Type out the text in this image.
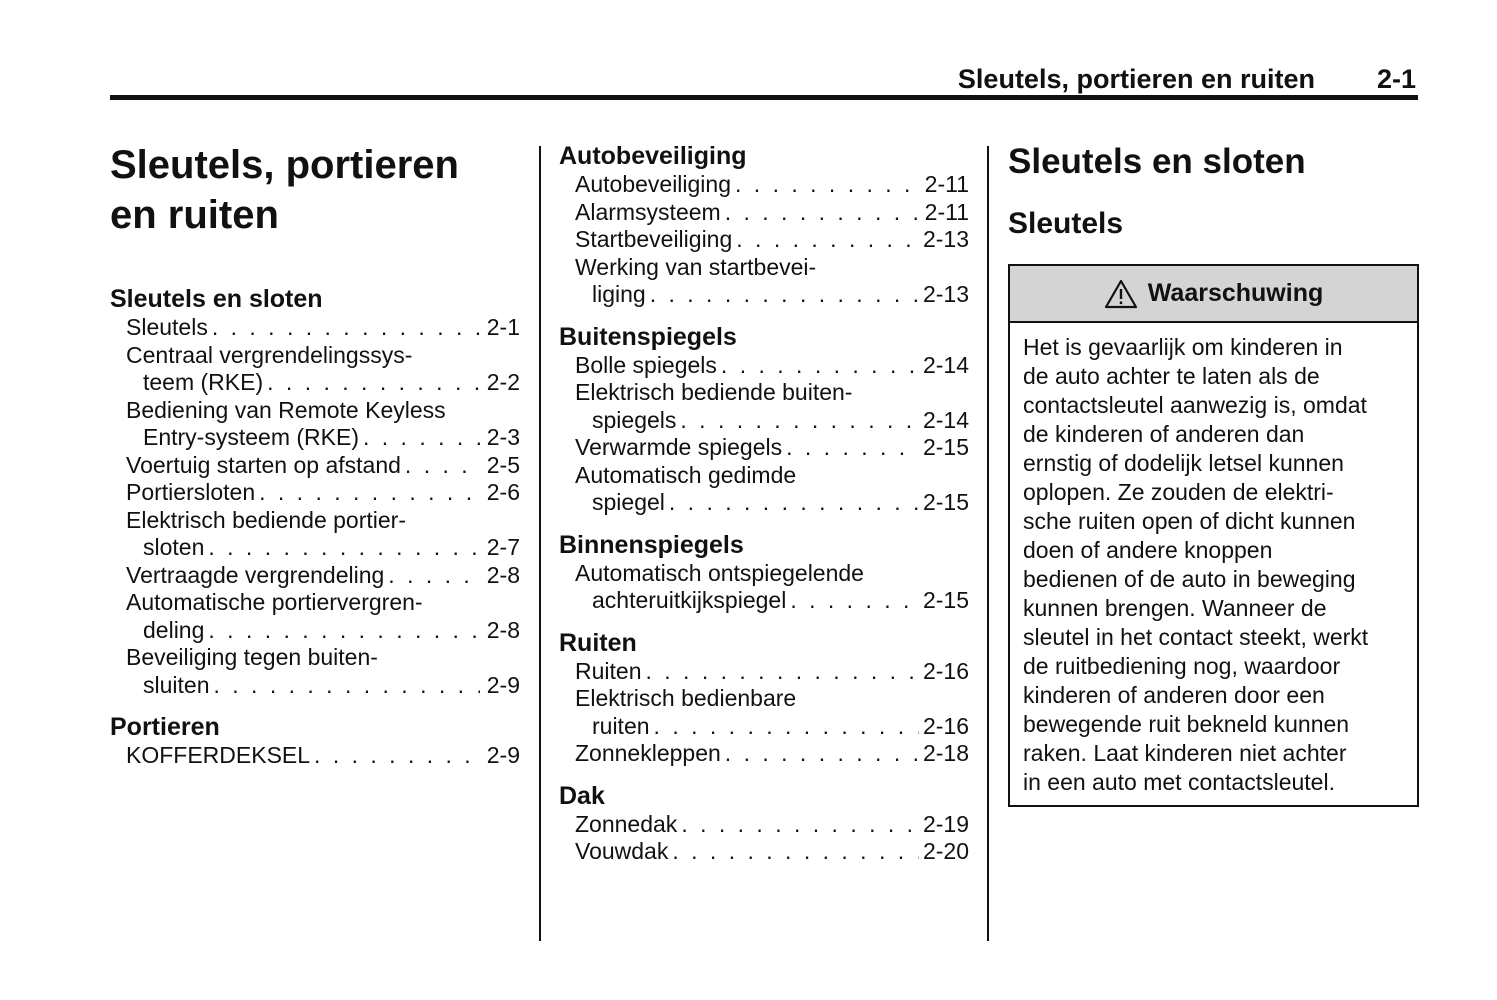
Sleutels, portieren en ruiten 2-1
Sleutels, portieren
en ruiten
Sleutels en sloten
Sleutels . . .	2-1
Centraal vergrendelingssys-
teem (RKE) . . .	2-2
Bediening van Remote Keyless
Entry-systeem (RKE) . . .	2-3
Voertuig starten op afstand . . .	2-5
Portiersloten . . .	2-6
Elektrisch bediende portier-
sloten . . .	2-7
Vertraagde vergrendeling . . .	2-8
Automatische portiervergren-
deling . . .	2-8
Beveiliging tegen buiten-
sluiten . . .	2-9
Portieren
KOFFERDEKSEL . . .	2-9
Autobeveiliging
Autobeveiliging . . .	2-11
Alarmsysteem . . .	2-11
Startbeveiliging . . .	2-13
Werking van startbevei-
liging . . .	2-13
Buitenspiegels
Bolle spiegels . . .	2-14
Elektrisch bediende buiten-
spiegels . . .	2-14
Verwarmde spiegels . . .	2-15
Automatisch gedimde
spiegel . . .	2-15
Binnenspiegels
Automatisch ontspiegelende
achteruitkijkspiegel . . .	2-15
Ruiten
Ruiten . . .	2-16
Elektrisch bedienbare
ruiten . . .	2-16
Zonnekleppen . . .	2-18
Dak
Zonnedak . . .	2-19
Vouwdak . . .	2-20
Sleutels en sloten
Sleutels
Waarschuwing
Het is gevaarlijk om kinderen in
de auto achter te laten als de
contactsleutel aanwezig is, omdat
de kinderen of anderen dan
ernstig of dodelijk letsel kunnen
oplopen. Ze zouden de elektri-
sche ruiten open of dicht kunnen
doen of andere knoppen
bedienen of de auto in beweging
kunnen brengen. Wanneer de
sleutel in het contact steekt, werkt
de ruitbediening nog, waardoor
kinderen of anderen door een
bewegende ruit bekneld kunnen
raken. Laat kinderen niet achter
in een auto met contactsleutel.
